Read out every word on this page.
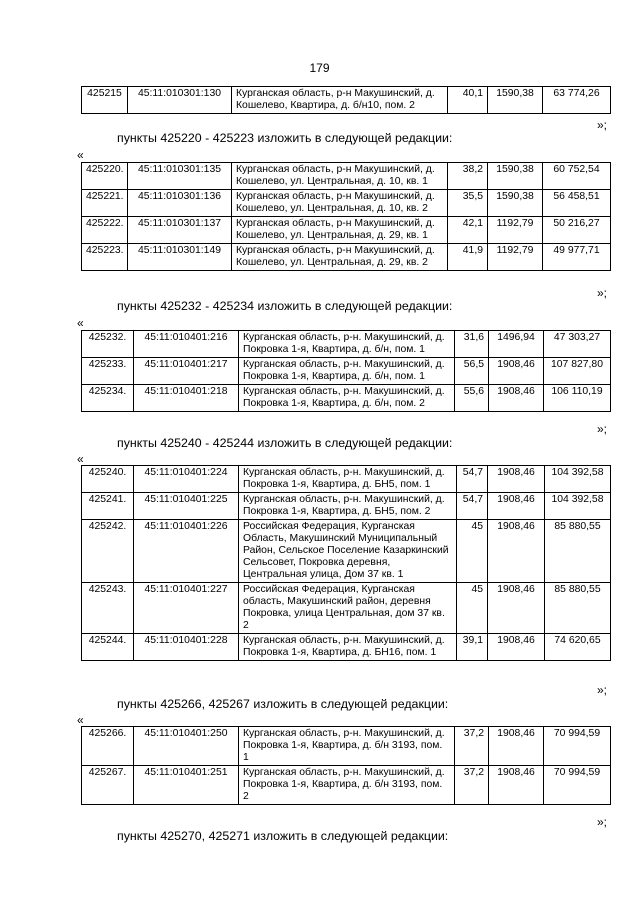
179
425215	45:11:010301:130	Курганская область, р-н Макушинский, д. Кошелево, Квартира, д. б/н10, пом. 2	40,1	1590,38	63 774,26
»;
пункты 425220 - 425223 изложить в следующей редакции:
«
425220.	45:11:010301:135	Курганская область, р-н Макушинский, д. Кошелево, ул. Центральная, д. 10, кв. 1	38,2	1590,38	60 752,54
425221.	45:11:010301:136	Курганская область, р-н Макушинский, д. Кошелево, ул. Центральная, д. 10, кв. 2	35,5	1590,38	56 458,51
425222.	45:11:010301:137	Курганская область, р-н Макушинский, д. Кошелево, ул. Центральная, д. 29, кв. 1	42,1	1192,79	50 216,27
425223.	45:11:010301:149	Курганская область, р-н Макушинский, д. Кошелево, ул. Центральная, д. 29, кв. 2	41,9	1192,79	49 977,71
»;
пункты 425232 - 425234 изложить в следующей редакции:
«
425232.	45:11:010401:216	Курганская область, р-н. Макушинский, д. Покровка 1-я, Квартира, д. б/н, пом. 1	31,6	1496,94	47 303,27
425233.	45:11:010401:217	Курганская область, р-н. Макушинский, д. Покровка 1-я, Квартира, д. б/н, пом. 1	56,5	1908,46	107 827,80
425234.	45:11:010401:218	Курганская область, р-н. Макушинский, д. Покровка 1-я, Квартира, д. б/н, пом. 2	55,6	1908,46	106 110,19
»;
пункты 425240 - 425244 изложить в следующей редакции:
«
425240.	45:11:010401:224	Курганская область, р-н. Макушинский, д. Покровка 1-я, Квартира, д. БН5, пом. 1	54,7	1908,46	104 392,58
425241.	45:11:010401:225	Курганская область, р-н. Макушинский, д. Покровка 1-я, Квартира, д. БН5, пом. 2	54,7	1908,46	104 392,58
425242.	45:11:010401:226	Российская Федерация, Курганская Область, Макушинский Муниципальный Район, Сельское Поселение Казаркинский Сельсовет, Покровка деревня, Центральная улица, Дом 37 кв. 1	45	1908,46	85 880,55
425243.	45:11:010401:227	Российская Федерация, Курганская область, Макушинский район, деревня Покровка, улица Центральная, дом 37 кв. 2	45	1908,46	85 880,55
425244.	45:11:010401:228	Курганская область, р-н. Макушинский, д. Покровка 1-я, Квартира, д. БН16, пом. 1	39,1	1908,46	74 620,65
»;
пункты 425266, 425267 изложить в следующей редакции:
«
425266.	45:11:010401:250	Курганская область, р-н. Макушинский, д. Покровка 1-я, Квартира, д. б/н 3193, пом. 1	37,2	1908,46	70 994,59
425267.	45:11:010401:251	Курганская область, р-н. Макушинский, д. Покровка 1-я, Квартира, д. б/н 3193, пом. 2	37,2	1908,46	70 994,59
»;
пункты 425270, 425271 изложить в следующей редакции:
